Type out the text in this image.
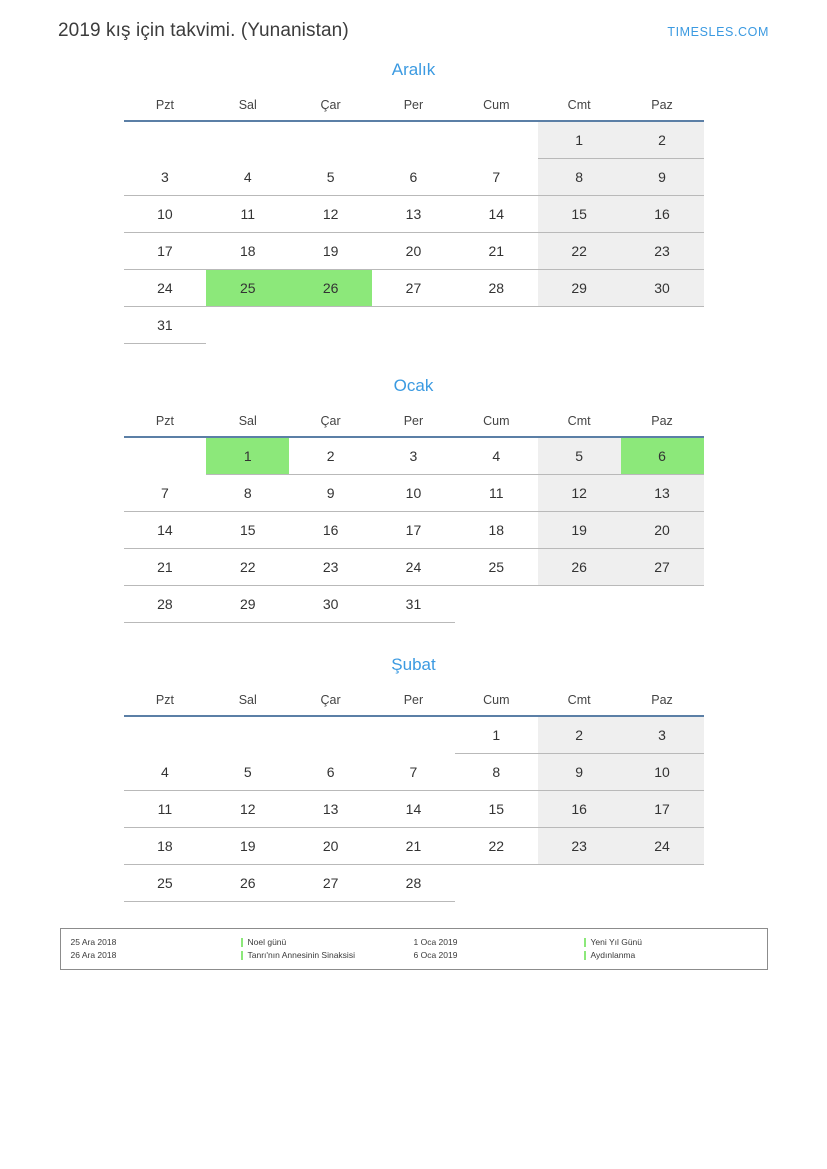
2019 kış için takvimi. (Yunanistan)	TIMESLES.COM
Aralık
Pzt	Sal	Çar	Per	Cum	Cmt	Paz
					1	2
3	4	5	6	7	8	9
10	11	12	13	14	15	16
17	18	19	20	21	22	23
24	25	26	27	28	29	30
31						
Ocak
Pzt	Sal	Çar	Per	Cum	Cmt	Paz
	1	2	3	4	5	6
7	8	9	10	11	12	13
14	15	16	17	18	19	20
21	22	23	24	25	26	27
28	29	30	31			
Şubat
Pzt	Sal	Çar	Per	Cum	Cmt	Paz
				1	2	3
4	5	6	7	8	9	10
11	12	13	14	15	16	17
18	19	20	21	22	23	24
25	26	27	28			
25 Ara 2018	Noel günü	1 Oca 2019	Yeni Yıl Günü
26 Ara 2018	Tanrı'nın Annesinin Sinaksisi	6 Oca 2019	Aydınlanma
